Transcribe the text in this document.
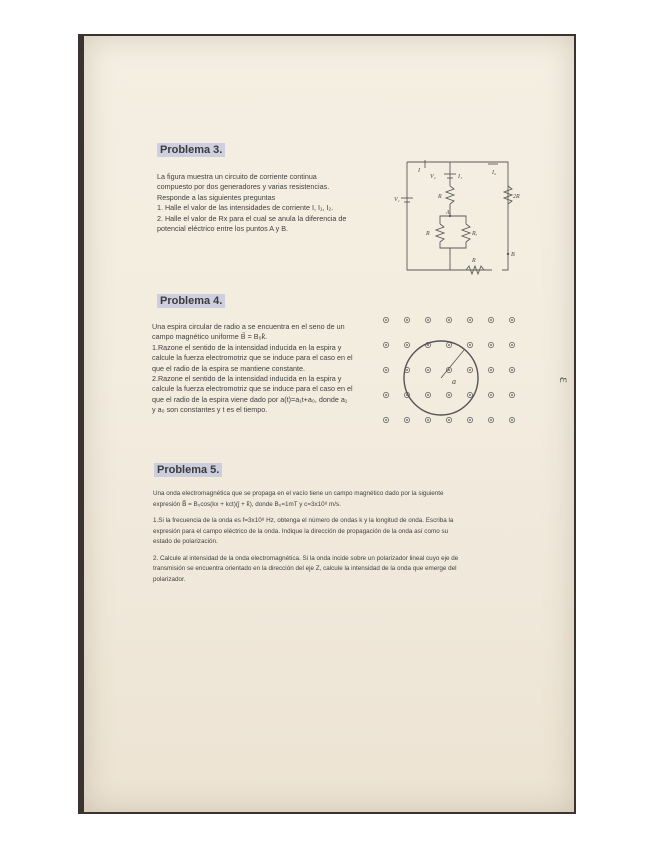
Problema 3.

La figura muestra un circuito de corriente continua

compuesto por dos generadores y varias resistencias.

Responde a las siguientes preguntas

1. Halle el valor de las intensidades de corriente I, I₁, I₂.

2. Halle el valor de Rx para el cual se anula la diferencia de

potencial eléctrico entre los puntos A y B.

V₁
V₂
I
I₁
I₂
R	2R
A
R	Rₓ
R
B
Problema 4.

Una espira circular de radio a se encuentra en el seno de un

campo magnético uniforme B⃗ = B₀k̂.

1.Razone el sentido de la intensidad inducida en la espira y

calcule la fuerza electromotriz que se induce para el caso en el

que el radio de la espira se mantiene constante.

2.Razone el sentido de la intensidad inducida en la espira y

calcule la fuerza electromotriz que se induce para el caso en el

que el radio de la espira viene dado por a(t)=a₁t+a₀, donde a₁

y a₀ son constantes y t es el tiempo.

a
Problema 5.

Una onda electromagnética que se propaga en el vacío tiene un campo magnético dado por la siguiente

expresión B⃗ = B₀cos(kx + kct)(ĵ + k̂), donde B₀=1mT y c=3x10⁸ m/s.

1.Si la frecuencia de la onda es f=3x10⁸ Hz, obtenga el número de ondas k y la longitud de onda. Escriba la

expresión para el campo eléctrico de la onda. Indique la dirección de propagación de la onda así como su

estado de polarización.

2. Calcule al intensidad de la onda electromagnética. Si la onda incide sobre un polarizador lineal cuyo eje de

transmisión se encuentra orientado en la dirección del eje Z, calcule la intensidad de la onda que emerge del

polarizador.

ɛ
